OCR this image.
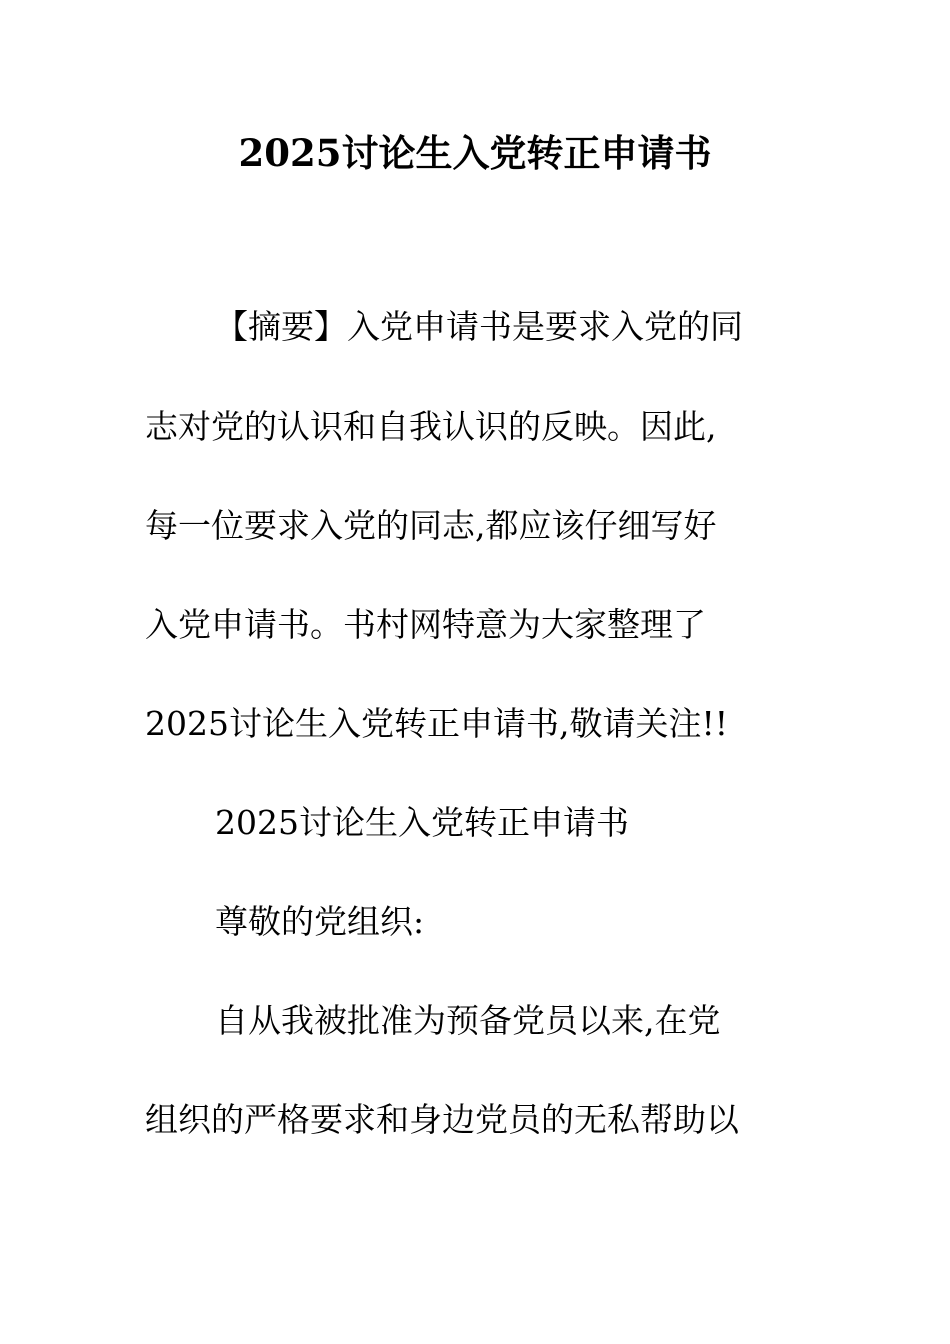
2025讨论生入党转正申请书
【摘要】入党申请书是要求入党的同
志对党的认识和自我认识的反映。因此,
每一位要求入党的同志,都应该仔细写好
入党申请书。书村网特意为大家整理了
2025讨论生入党转正申请书,敬请关注!!
2025讨论生入党转正申请书
尊敬的党组织:
自从我被批准为预备党员以来,在党
组织的严格要求和身边党员的无私帮助以
